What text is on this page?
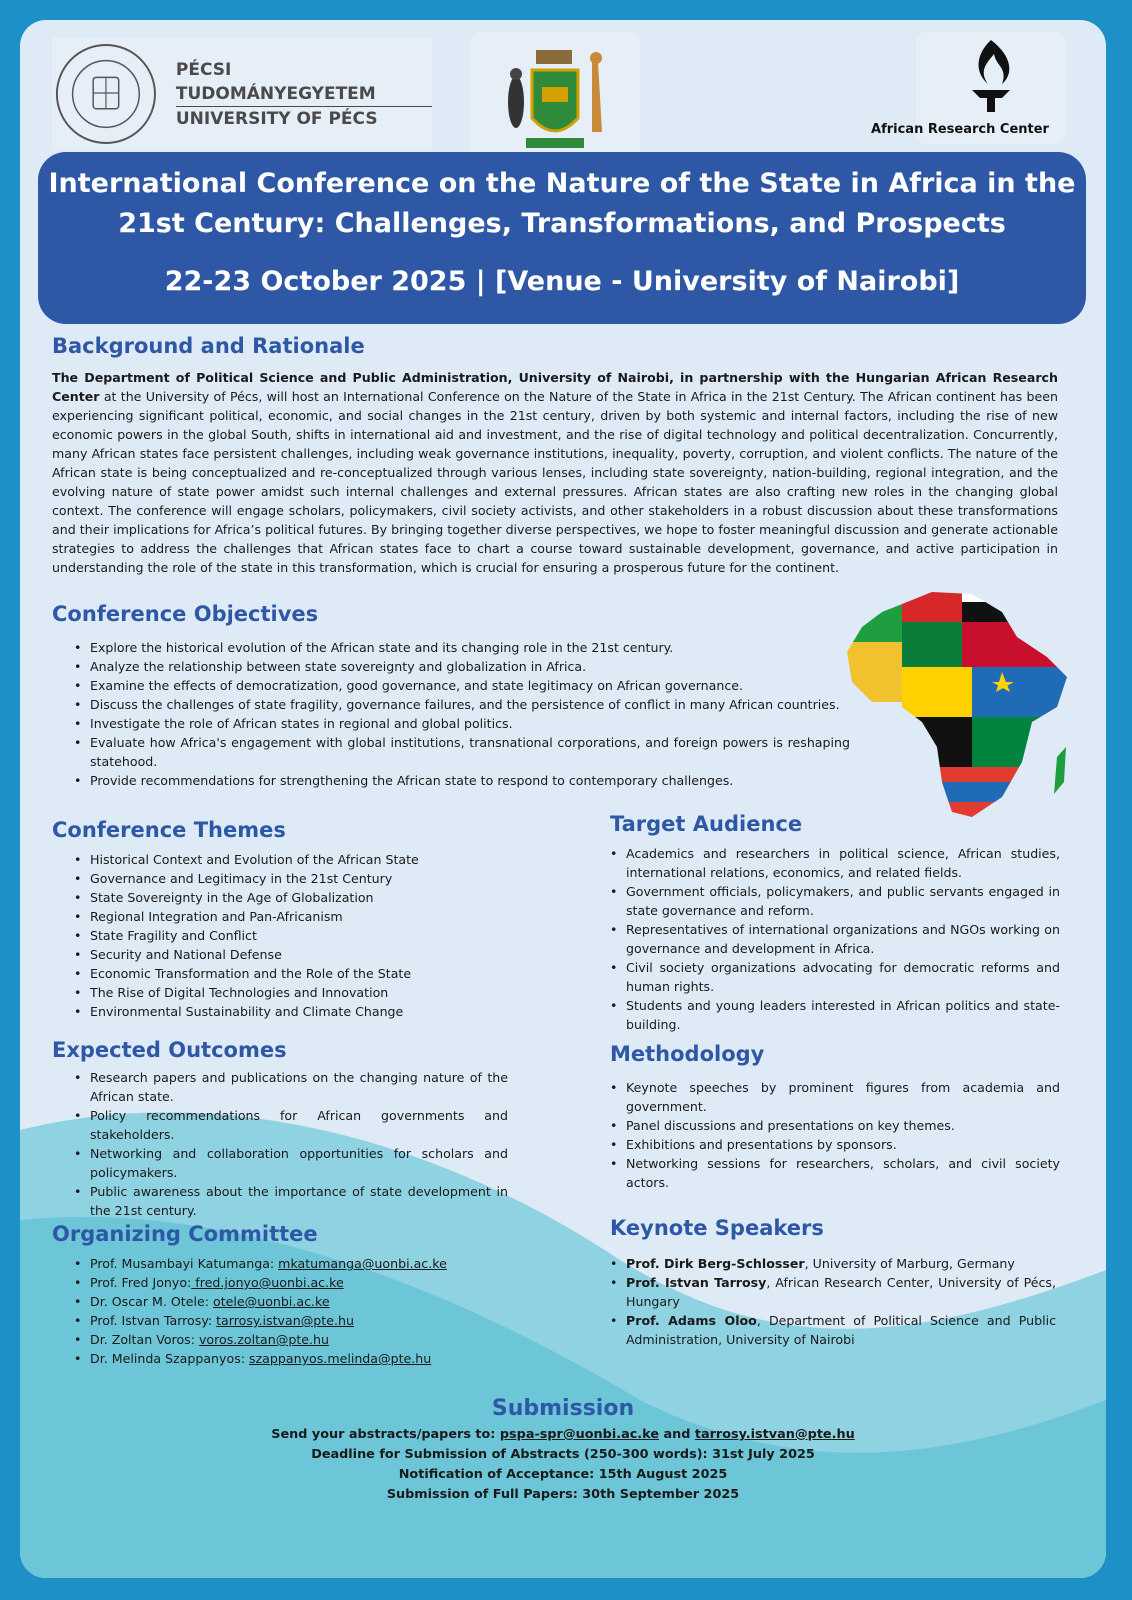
PÉCSI TUDOMÁNYEGYETEM
UNIVERSITY OF PÉCS
African Research Center
International Conference on the Nature of the State in Africa in the
21st Century: Challenges, Transformations, and Prospects
22-23 October 2025 | [Venue - University of Nairobi]
Background and Rationale
The Department of Political Science and Public Administration, University of Nairobi, in partnership with the Hungarian African Research Center at the University of Pécs, will host an International Conference on the Nature of the State in Africa in the 21st Century. The African continent has been experiencing significant political, economic, and social changes in the 21st century, driven by both systemic and internal factors, including the rise of new economic powers in the global South, shifts in international aid and investment, and the rise of digital technology and political decentralization. Concurrently, many African states face persistent challenges, including weak governance institutions, inequality, poverty, corruption, and violent conflicts. The nature of the African state is being conceptualized and re-conceptualized through various lenses, including state sovereignty, nation-building, regional integration, and the evolving nature of state power amidst such internal challenges and external pressures. African states are also crafting new roles in the changing global context. The conference will engage scholars, policymakers, civil society activists, and other stakeholders in a robust discussion about these transformations and their implications for Africa’s political futures. By bringing together diverse perspectives, we hope to foster meaningful discussion and generate actionable strategies to address the challenges that African states face to chart a course toward sustainable development, governance, and active participation in understanding the role of the state in this transformation, which is crucial for ensuring a prosperous future for the continent.
Conference Objectives
• Explore the historical evolution of the African state and its changing role in the 21st century.
• Analyze the relationship between state sovereignty and globalization in Africa.
• Examine the effects of democratization, good governance, and state legitimacy on African governance.
• Discuss the challenges of state fragility, governance failures, and the persistence of conflict in many African countries.
• Investigate the role of African states in regional and global politics.
• Evaluate how Africa's engagement with global institutions, transnational corporations, and foreign powers is reshaping statehood.
• Provide recommendations for strengthening the African state to respond to contemporary challenges.
Conference Themes
• Historical Context and Evolution of the African State
• Governance and Legitimacy in the 21st Century
• State Sovereignty in the Age of Globalization
• Regional Integration and Pan-Africanism
• State Fragility and Conflict
• Security and National Defense
• Economic Transformation and the Role of the State
• The Rise of Digital Technologies and Innovation
• Environmental Sustainability and Climate Change
Target Audience
• Academics and researchers in political science, African studies, international relations, economics, and related fields.
• Government officials, policymakers, and public servants engaged in state governance and reform.
• Representatives of international organizations and NGOs working on governance and development in Africa.
• Civil society organizations advocating for democratic reforms and human rights.
• Students and young leaders interested in African politics and state-building.
Expected Outcomes
• Research papers and publications on the changing nature of the African state.
• Policy recommendations for African governments and stakeholders.
• Networking and collaboration opportunities for scholars and policymakers.
• Public awareness about the importance of state development in the 21st century.
Methodology
• Keynote speeches by prominent figures from academia and government.
• Panel discussions and presentations on key themes.
• Exhibitions and presentations by sponsors.
• Networking sessions for researchers, scholars, and civil society actors.
Organizing Committee
• Prof. Musambayi Katumanga: mkatumanga@uonbi.ac.ke
• Prof. Fred Jonyo: fred.jonyo@uonbi.ac.ke
• Dr. Oscar M. Otele: otele@uonbi.ac.ke
• Prof. Istvan Tarrosy: tarrosy.istvan@pte.hu
• Dr. Zoltan Voros: voros.zoltan@pte.hu
• Dr. Melinda Szappanyos: szappanyos.melinda@pte.hu
Keynote Speakers
• Prof. Dirk Berg-Schlosser, University of Marburg, Germany
• Prof. Istvan Tarrosy, African Research Center, University of Pécs, Hungary
• Prof. Adams Oloo, Department of Political Science and Public Administration, University of Nairobi
Submission
Send your abstracts/papers to: pspa-spr@uonbi.ac.ke and tarrosy.istvan@pte.hu
Deadline for Submission of Abstracts (250-300 words): 31st July 2025
Notification of Acceptance: 15th August 2025
Submission of Full Papers: 30th September 2025
